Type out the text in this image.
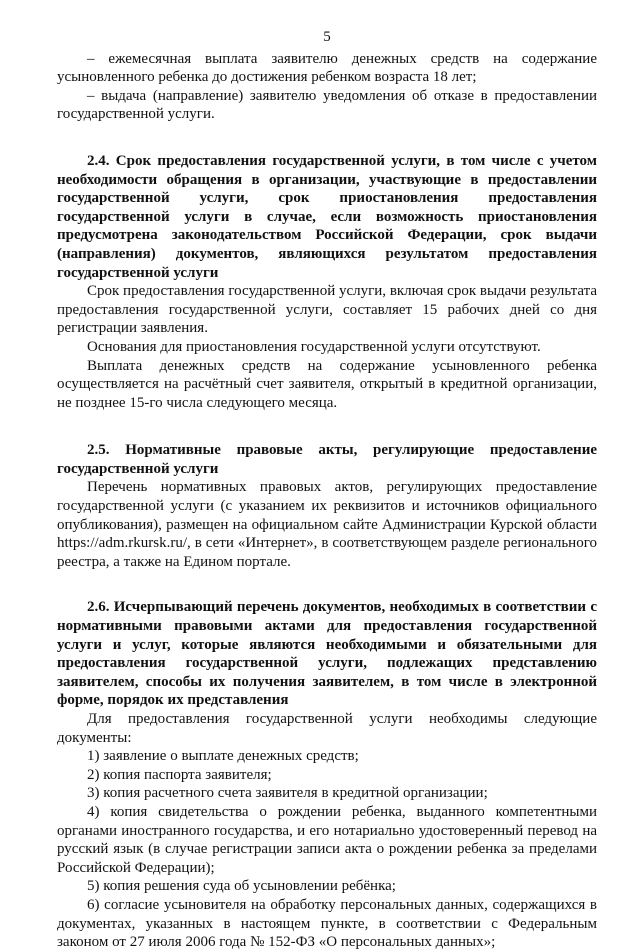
5

– ежемесячная выплата заявителю денежных средств на содержание усыновленного ребенка до достижения ребенком возраста 18 лет;

– выдача (направление) заявителю уведомления об отказе в предоставлении государственной услуги.

2.4. Срок предоставления государственной услуги, в том числе с учетом необходимости обращения в организации, участвующие в предоставлении государственной услуги, срок приостановления предоставления государственной услуги в случае, если возможность приостановления предусмотрена законодательством Российской Федерации, срок выдачи (направления) документов, являющихся результатом предоставления государственной услуги

Срок предоставления государственной услуги, включая срок выдачи результата предоставления государственной услуги, составляет 15 рабочих дней со дня регистрации заявления.

Основания для приостановления государственной услуги отсутствуют.

Выплата денежных средств на содержание усыновленного ребенка осуществляется на расчётный счет заявителя, открытый в кредитной организации, не позднее 15-го числа следующего месяца.

2.5. Нормативные правовые акты, регулирующие предоставление государственной услуги

Перечень нормативных правовых актов, регулирующих предоставление государственной услуги (с указанием их реквизитов и источников официального опубликования), размещен на официальном сайте Администрации Курской области https://adm.rkursk.ru/, в сети «Интернет», в соответствующем разделе регионального реестра, а также на Едином портале.

2.6. Исчерпывающий перечень документов, необходимых в соответствии с нормативными правовыми актами для предоставления государственной услуги и услуг, которые являются необходимыми и обязательными для предоставления государственной услуги, подлежащих представлению заявителем, способы их получения заявителем, в том числе в электронной форме, порядок их представления

Для предоставления государственной услуги необходимы следующие документы:

1) заявление о выплате денежных средств;

2) копия паспорта заявителя;

3) копия расчетного счета заявителя в кредитной организации;

4) копия свидетельства о рождении ребенка, выданного компетентными органами иностранного государства, и его нотариально удостоверенный перевод на русский язык (в случае регистрации записи акта о рождении ребенка за пределами Российской Федерации);

5) копия решения суда об усыновлении ребёнка;

6) согласие усыновителя на обработку персональных данных, содержащихся в документах, указанных в настоящем пункте, в соответствии с Федеральным законом от 27 июля 2006 года № 152-ФЗ «О персональных данных»;
